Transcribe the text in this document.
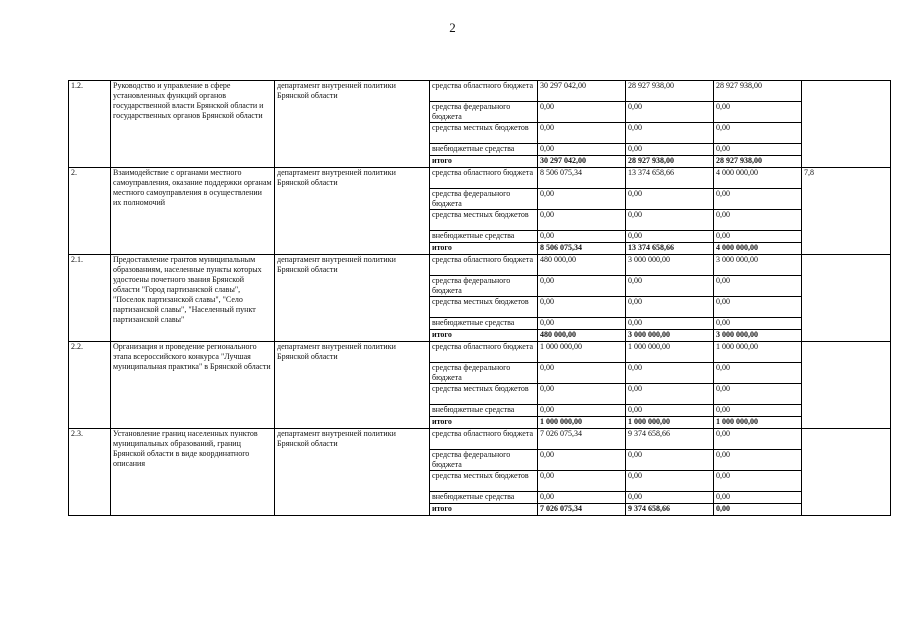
2
1.2.	Руководство и управление в сфере установленных функций органов государственной власти Брянской области и государственных органов Брянской области	департамент внутренней политики Брянской области	средства областного бюджета	30 297 042,00	28 927 938,00	28 927 938,00	
			средства федерального бюджета	0,00	0,00	0,00	
			средства местных бюджетов	0,00	0,00	0,00	
			внебюджетные средства	0,00	0,00	0,00	
			итого	30 297 042,00	28 927 938,00	28 927 938,00	
2.	Взаимодействие с органами местного самоуправления, оказание поддержки органам местного самоуправления в осуществлении их полномочий	департамент внутренней политики Брянской области	средства областного бюджета	8 506 075,34	13 374 658,66	4 000 000,00	7,8
			средства федерального бюджета	0,00	0,00	0,00	
			средства местных бюджетов	0,00	0,00	0,00	
			внебюджетные средства	0,00	0,00	0,00	
			итого	8 506 075,34	13 374 658,66	4 000 000,00	
2.1.	Предоставление грантов муниципальным образованиям, населенные пункты которых удостоены почетного звания Брянской области "Город партизанской славы", "Поселок партизанской славы", "Село партизанской славы", "Населенный пункт партизанской славы"	департамент внутренней политики Брянской области	средства областного бюджета	480 000,00	3 000 000,00	3 000 000,00	
			средства федерального бюджета	0,00	0,00	0,00	
			средства местных бюджетов	0,00	0,00	0,00	
			внебюджетные средства	0,00	0,00	0,00	
			итого	480 000,00	3 000 000,00	3 000 000,00	
2.2.	Организация и проведение регионального этапа всероссийского конкурса "Лучшая муниципальная практика" в Брянской области	департамент внутренней политики Брянской области	средства областного бюджета	1 000 000,00	1 000 000,00	1 000 000,00	
			средства федерального бюджета	0,00	0,00	0,00	
			средства местных бюджетов	0,00	0,00	0,00	
			внебюджетные средства	0,00	0,00	0,00	
			итого	1 000 000,00	1 000 000,00	1 000 000,00	
2.3.	Установление границ населенных пунктов муниципальных образований, границ Брянской области в виде координатного описания	департамент внутренней политики Брянской области	средства областного бюджета	7 026 075,34	9 374 658,66	0,00	
			средства федерального бюджета	0,00	0,00	0,00	
			средства местных бюджетов	0,00	0,00	0,00	
			внебюджетные средства	0,00	0,00	0,00	
			итого	7 026 075,34	9 374 658,66	0,00	
